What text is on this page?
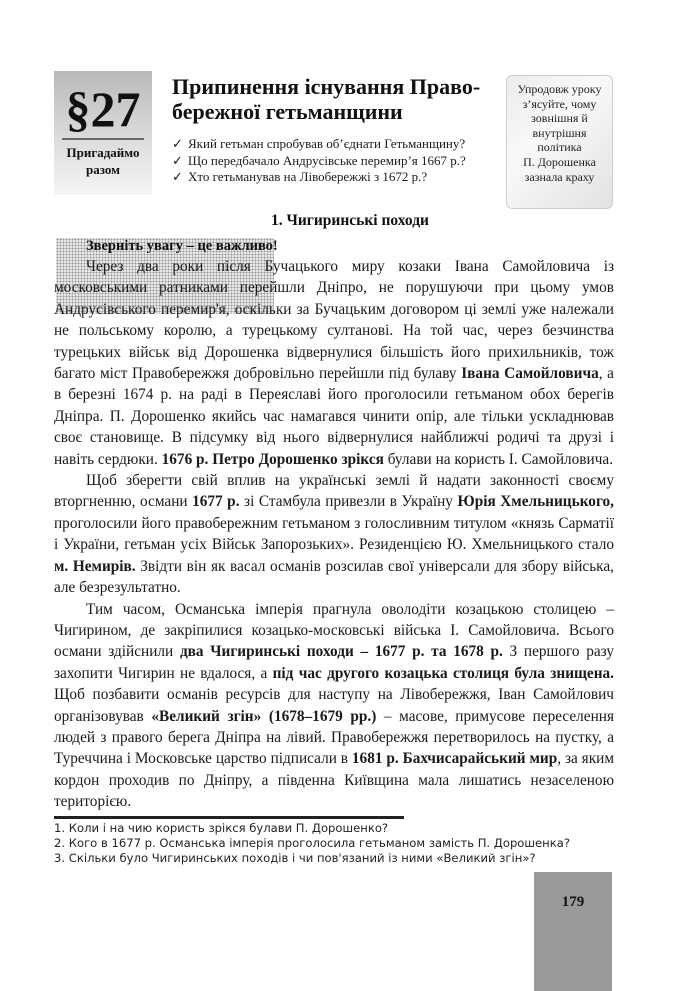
§27
Пригадаймо
разом
Припинення існування Право-
бережної гетьманщини
✓ Який гетьман спробував об’єднати Гетьманщину?
✓ Що передбачало Андрусівське перемир’я 1667 р.?
✓ Хто гетьманував на Лівобережжі з 1672 р.?
Упродовж уроку
з’ясуйте, чому
зовнішня й
внутрішня
політика
П. Дорошенка
зазнала краху
1. Чигиринські походи
Зверніть увагу – це важливо!

Через два роки після Бучацького миру козаки Івана Самойловича із московськими ратниками перейшли Дніпро, не порушуючи при цьому умов Андрусівського перемир'я, оскільки за Бучацьким договором ці землі уже належали не польському королю, а турецькому султанові. На той час, через безчинства турецьких військ від Дорошенка відвернулися більшість його прихильників, тож багато міст Правобережжя добровільно перейшли під булаву Івана Самойловича, а в березні 1674 р. на раді в Переяславі його проголосили гетьманом обох берегів Дніпра. П. Дорошенко якийсь час намагався чинити опір, але тільки ускладнював своє становище. В підсумку від нього відвернулися найближчі родичі та друзі і навіть сердюки. 1676 р. Петро Дорошенко зрікся булави на користь І. Самойловича.

Щоб зберегти свій вплив на українські землі й надати законності своєму вторгненню, османи 1677 р. зі Стамбула привезли в Україну Юрія Хмельницького, проголосили його правобережним гетьманом з голосливним титулом «князь Сарматії і України, гетьман усіх Військ Запорозьких». Резиденцією Ю. Хмельницького стало м. Немирів. Звідти він як васал османів розсилав свої універсали для збору війська, але безрезультатно.

Тим часом, Османська імперія прагнула оволодіти козацькою столицею – Чигирином, де закріпилися козацько-московські війська І. Самойловича. Всього османи здійснили два Чигиринські походи – 1677 р. та 1678 р. З першого разу захопити Чигирин не вдалося, а під час другого козацька столиця була знищена. Щоб позбавити османів ресурсів для наступу на Лівобережжя, Іван Самойлович організовував «Великий згін» (1678–1679 рр.) – масове, примусове переселення людей з правого берега Дніпра на лівий. Правобережжя перетворилось на пустку, а Туреччина і Московське царство підписали в 1681 р. Бахчисарайський мир, за яким кордон проходив по Дніпру, а південна Київщина мала лишатись незаселеною територією.

1. Коли і на чию користь зрікся булави П. Дорошенко?
2. Кого в 1677 р. Османська імперія проголосила гетьманом замість П. Дорошенка?
3. Скільки було Чигиринських походів і чи пов'язаний із ними «Великий згін»?
179
